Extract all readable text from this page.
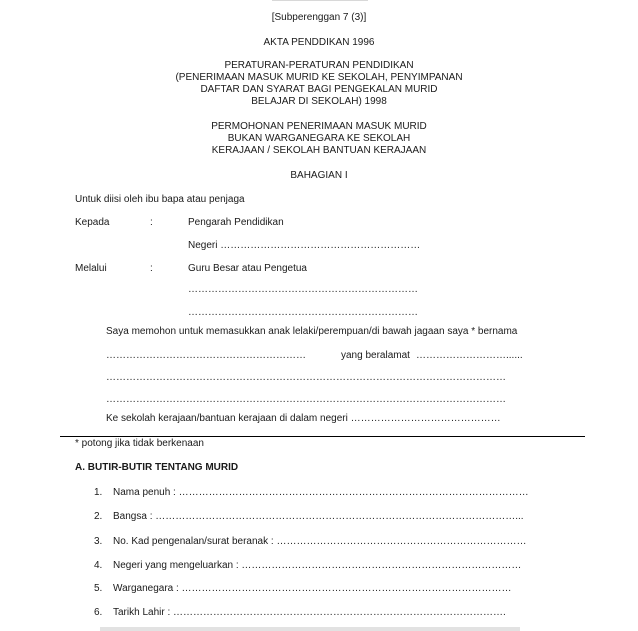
[Subperenggan 7 (3)]
AKTA PENDDIKAN 1996
PERATURAN-PERATURAN PENDIDIKAN
(PENERIMAAN MASUK MURID KE SEKOLAH, PENYIMPANAN
DAFTAR DAN SYARAT BAGI PENGEKALAN MURID
BELAJAR DI SEKOLAH) 1998
PERMOHONAN PENERIMAAN MASUK MURID
BUKAN WARGANEGARA KE SEKOLAH
KERAJAAN / SEKOLAH BANTUAN KERAJAAN
BAHAGIAN I
Untuk diisi oleh ibu bapa atau penjaga
Kepada	:	Pengarah Pendidikan
Negeri ……………………………………………………
Melalui	:	Guru Besar atau Pengetua
……………………………………………………………
……………………………………………………………
Saya memohon untuk memasukkan anak lelaki/perempuan/di bawah jagaan saya * bernama
……………………………………………………	yang beralamat ………………………......
…………………………………………………………………………………………………………
…………………………………………………………………………………………………………
Ke sekolah kerajaan/bantuan kerajaan di dalam negeri ………………………………………
* potong jika tidak berkenaan
A. BUTIR-BUTIR TENTANG MURID
1. Nama penuh : ……………………………………………………………………………………………
2. Bangsa : ………………………………………………………………………………………………...
3. No. Kad pengenalan/surat beranak : …………………………………………………………………
4. Negeri yang mengeluarkan : …………………………………………………………………………
5. Warganegara : ………………………………………………………………………………………
6. Tarikh Lahir : ……………………………………………………………………………………….
